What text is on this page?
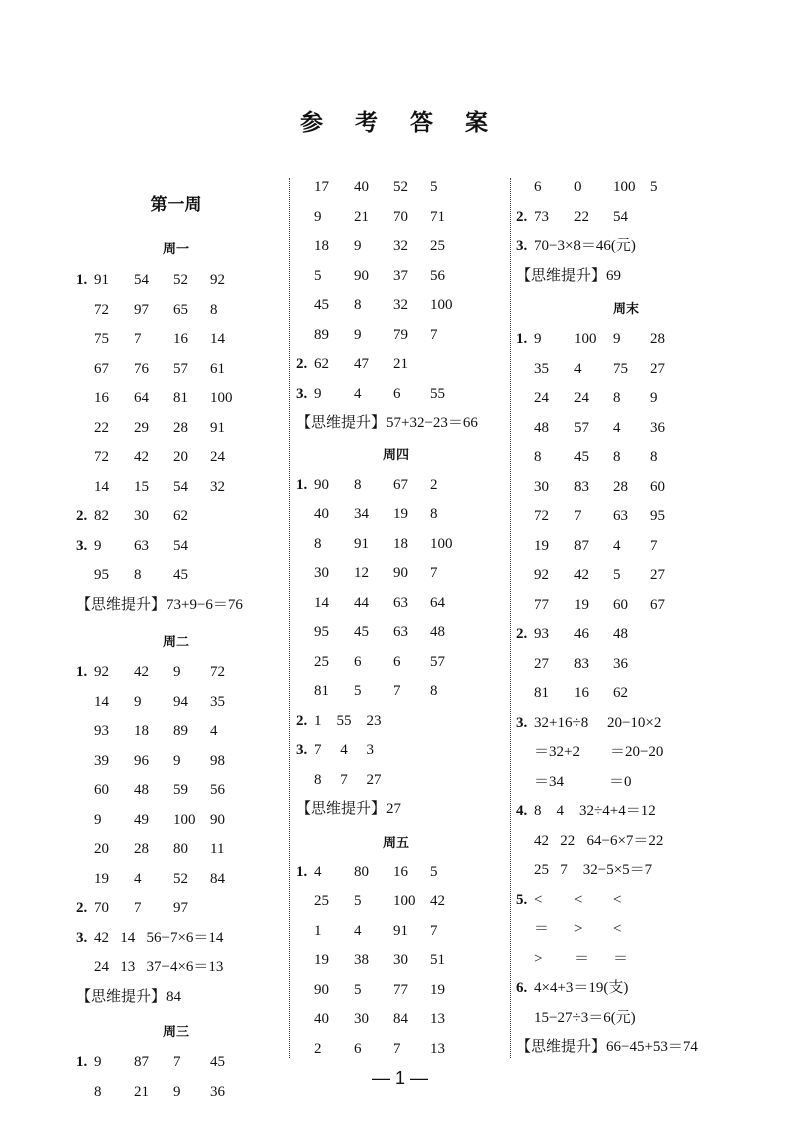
参 考 答 案
第一周
周一
1. 91 54 52 92
72 97 65 8
75 7 16 14
67 76 57 61
16 64 81 100
22 29 28 91
72 42 20 24
14 15 54 32
2. 82 30 62
3. 9 63 54
95 8 45
【思维提升】73+9−6＝76
周二
1. 92 42 9 72
14 9 94 35
93 18 89 4
39 96 9 98
60 48 59 56
9 49 100 90
20 28 80 11
19 4 52 84
2. 70 7 97
3. 42   14   56−7×6＝14
24   13   37−4×6＝13
【思维提升】84
周三
1. 9 87 7 45
8 21 9 36
17 40 52 5
9 21 70 71
18 9 32 25
5 90 37 56
45 8 32 100
89 9 79 7
2. 62 47 21
3. 9 4 6 55
【思维提升】57+32−23＝66
周四
1. 90 8 67 2
40 34 19 8
8 91 18 100
30 12 90 7
14 44 63 64
95 45 63 48
25 6 6 57
81 5 7 8
2. 1    55    23
3. 7     4     3
8     7     27
【思维提升】27
周五
1. 4 80 16 5
25 5 100 42
1 4 91 7
19 38 30 51
90 5 77 19
40 30 84 13
2 6 7 13
6 0 100 5
2. 73 22 54
3. 70−3×8＝46(元)
【思维提升】69
周末
1. 9 100 9 28
35 4 75 27
24 24 8 9
48 57 4 36
8 45 8 8
30 83 28 60
72 7 63 95
19 87 4 7
92 42 5 27
77 19 60 67
2. 93 46 48
27 83 36
81 16 62
3. 32+16÷8     20−10×2
＝32+2        ＝20−20
＝34            ＝0
4. 8    4    32÷4+4＝12
42   22   64−6×7＝22
25   7    32−5×5＝7
5. < < <
＝ > <
> ＝ ＝
6. 4×4+3＝19(支)
15−27÷3＝6(元)
【思维提升】66−45+53＝74
— 1 —
